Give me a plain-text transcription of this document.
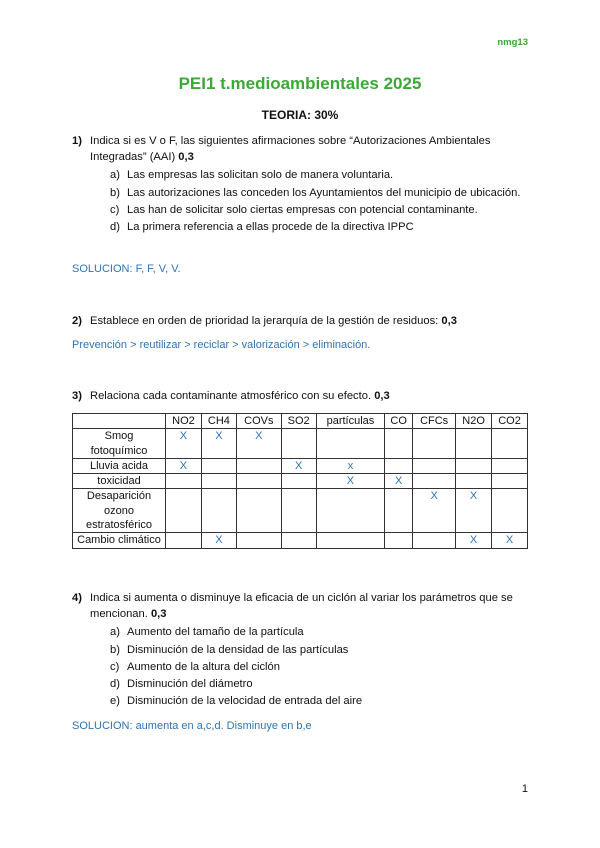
nmg13
PEI1 t.medioambientales 2025
TEORIA: 30%
1) Indica si es V o F, las siguientes afirmaciones sobre “Autorizaciones Ambientales Integradas” (AAI) 0,3
a) Las empresas las solicitan solo de manera voluntaria.
b) Las autorizaciones las conceden los Ayuntamientos del municipio de ubicación.
c) Las han de solicitar solo ciertas empresas con potencial contaminante.
d) La primera referencia a ellas procede de la directiva IPPC
SOLUCION: F, F, V, V.
2) Establece en orden de prioridad la jerarquía de la gestión de residuos: 0,3
Prevención > reutilizar > reciclar > valorización > eliminación.
3) Relaciona cada contaminante atmosférico con su efecto. 0,3
	NO2	CH4	COVs	SO2	partículas	CO	CFCs	N2O	CO2
Smog fotoquímico	X	X	X						
Lluvia acida	X			X	x				
toxicidad					X	X			
Desaparición ozono estratosférico							X	X	
Cambio climático		X						X	X
4) Indica si aumenta o disminuye la eficacia de un ciclón al variar los parámetros que se mencionan. 0,3
a) Aumento del tamaño de la partícula
b) Disminución de la densidad de las partículas
c) Aumento de la altura del ciclón
d) Disminución del diámetro
e) Disminución de la velocidad de entrada del aire
SOLUCION: aumenta en a,c,d. Disminuye en b,e
1
